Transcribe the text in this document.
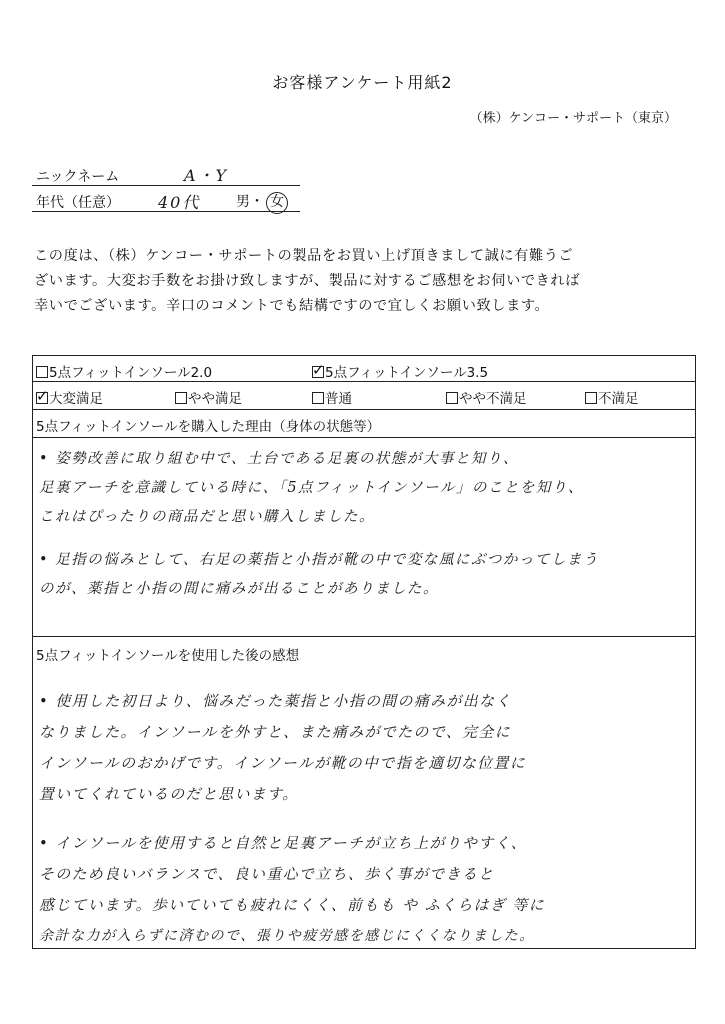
お客様アンケート用紙2
（株）ケンコー・サポート（東京）
ニックネーム	A・Y
年代（任意） 40代	男・ 女
この度は、（株）ケンコー・サポートの製品をお買い上げ頂きまして誠に有難うご
ざいます。大変お手数をお掛け致しますが、製品に対するご感想をお伺いできれば
幸いでございます。辛口のコメントでも結構ですので宜しくお願い致します。
5点フィットインソール2.0
✓	5点フィットインソール3.5
✓大変満足	やや満足	普通	やや不満足	不満足
5点フィットインソールを購入した理由（身体の状態等）

• 姿勢改善に取り組む中で、土台である足裏の状態が大事と知り、

足裏アーチを意識している時に、「5点フィットインソール」のことを知り、

これはぴったりの商品だと思い購入しました。

• 足指の悩みとして、右足の薬指と小指が靴の中で変な風にぶつかってしまう

のが、薬指と小指の間に痛みが出ることがありました。

5点フィットインソールを使用した後の感想

• 使用した初日より、悩みだった薬指と小指の間の痛みが出なく

なりました。インソールを外すと、また痛みがでたので、完全に

インソールのおかげです。インソールが靴の中で指を適切な位置に

置いてくれているのだと思います。

• インソールを使用すると自然と足裏アーチが立ち上がりやすく、

そのため良いバランスで、良い重心で立ち、歩く事ができると

感じています。歩いていても疲れにくく、前もも や ふくらはぎ 等に

余計な力が入らずに済むので、張りや疲労感を感じにくくなりました。
